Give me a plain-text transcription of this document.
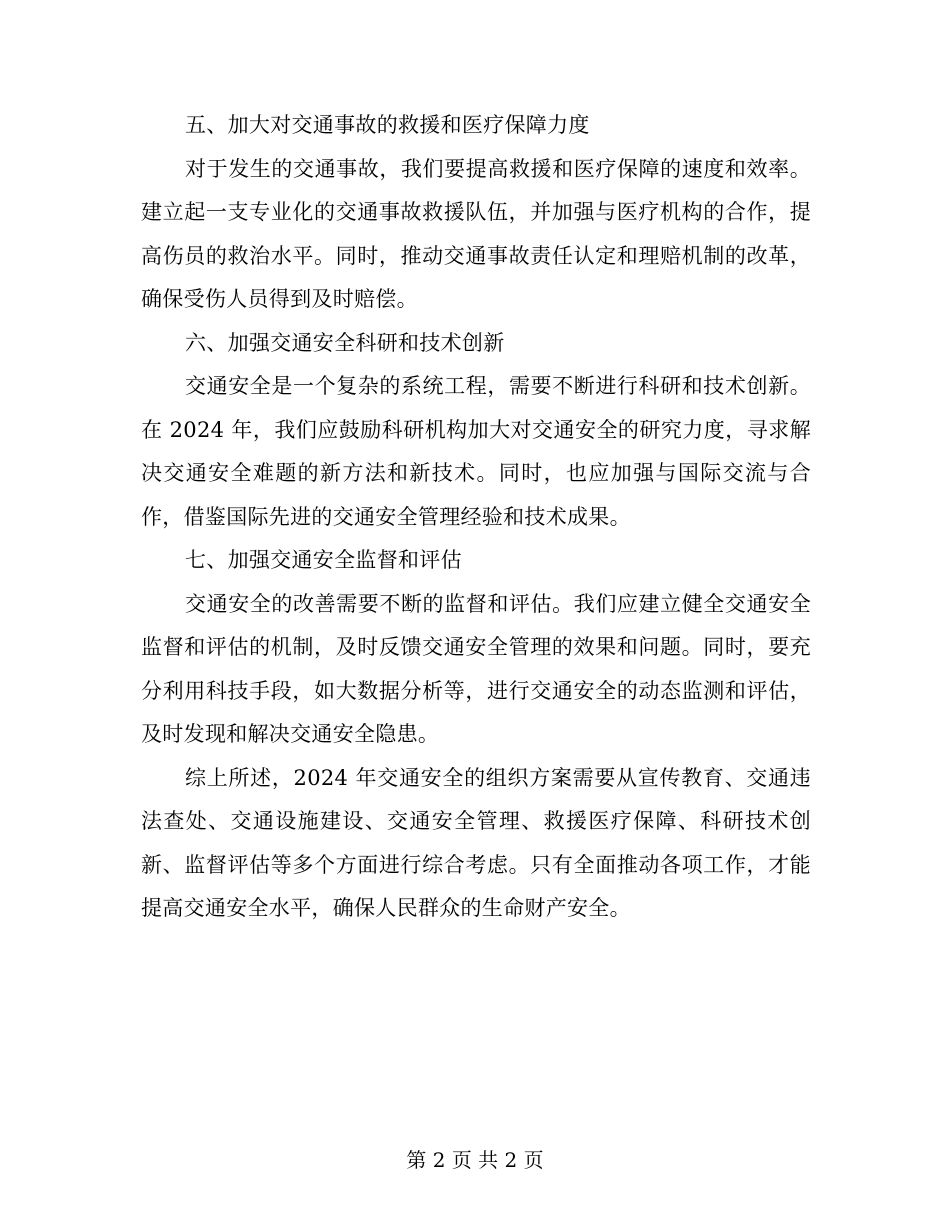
五、加大对交通事故的救援和医疗保障力度

对于发生的交通事故，我们要提高救援和医疗保障的速度和效率。建立起一支专业化的交通事故救援队伍，并加强与医疗机构的合作，提高伤员的救治水平。同时，推动交通事故责任认定和理赔机制的改革，确保受伤人员得到及时赔偿。

六、加强交通安全科研和技术创新

交通安全是一个复杂的系统工程，需要不断进行科研和技术创新。在 2024 年，我们应鼓励科研机构加大对交通安全的研究力度，寻求解决交通安全难题的新方法和新技术。同时，也应加强与国际交流与合作，借鉴国际先进的交通安全管理经验和技术成果。

七、加强交通安全监督和评估

交通安全的改善需要不断的监督和评估。我们应建立健全交通安全监督和评估的机制，及时反馈交通安全管理的效果和问题。同时，要充分利用科技手段，如大数据分析等，进行交通安全的动态监测和评估，及时发现和解决交通安全隐患。

综上所述，2024 年交通安全的组织方案需要从宣传教育、交通违法查处、交通设施建设、交通安全管理、救援医疗保障、科研技术创新、监督评估等多个方面进行综合考虑。只有全面推动各项工作，才能提高交通安全水平，确保人民群众的生命财产安全。

第 2 页 共 2 页
